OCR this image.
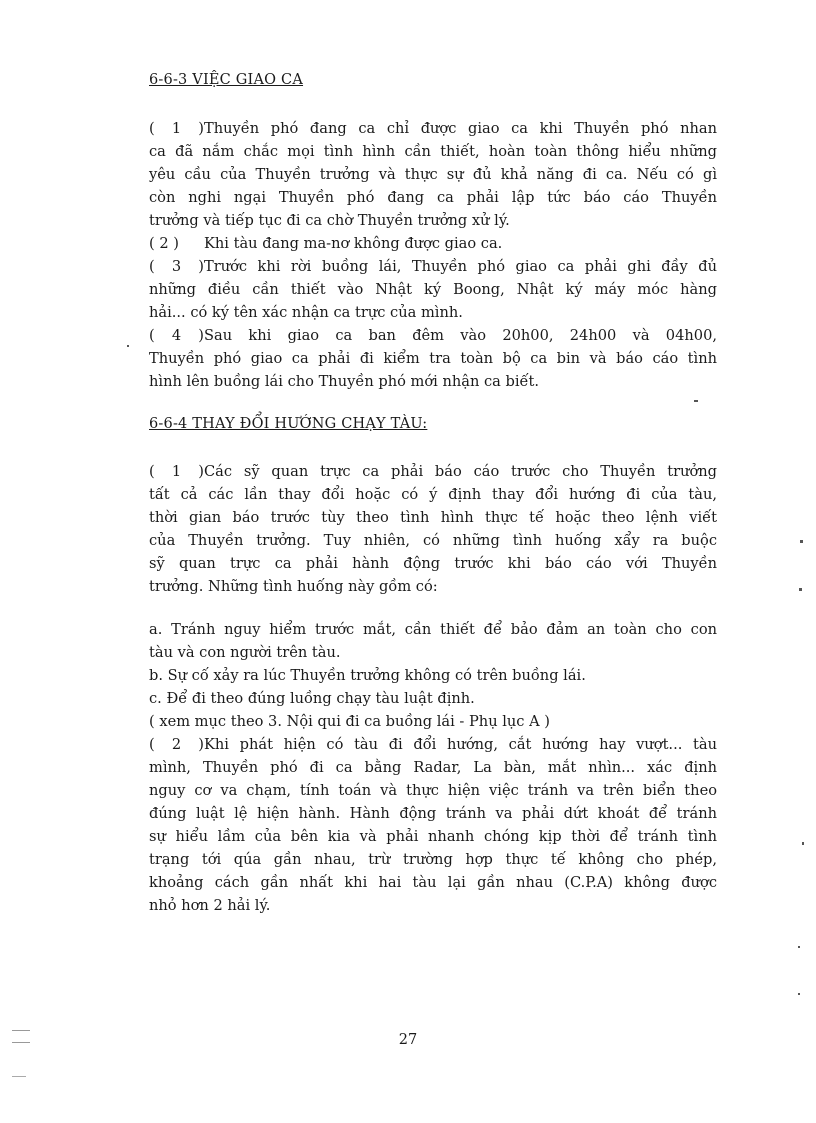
6-6-3 VIỆC GIAO CA
( 1 )Thuyền phó đang ca chỉ được giao ca khi Thuyền phó nhan
ca đã nắm chắc mọi tình hình cần thiết, hoàn toàn thông hiểu những
yêu cầu của Thuyền trưởng và thực sự đủ khả năng đi ca. Nếu có gì
còn nghi ngại Thuyền phó đang ca phải lập tức báo cáo Thuyền
trưởng và tiếp tục đi ca chờ Thuyền trưởng xử lý.
( 2 ) Khi tàu đang ma-nơ không được giao ca.
( 3 )Trước khi rời buồng lái, Thuyền phó giao ca phải ghi đầy đủ
những điều cần thiết vào Nhật ký Boong, Nhật ký máy móc hàng
hải... có ký tên xác nhận ca trực của mình.
( 4 )Sau khi giao ca ban đêm vào 20h00, 24h00 và 04h00,
Thuyền phó giao ca phải đi kiểm tra toàn bộ ca bin và báo cáo tình
hình lên buồng lái cho Thuyền phó mới nhận ca biết.
6-6-4 THAY ĐỔI HƯỚNG CHẠY TÀU:
( 1 )Các sỹ quan trực ca phải báo cáo trước cho Thuyền trưởng
tất cả các lần thay đổi hoặc có ý định thay đổi hướng đi của tàu,
thời gian báo trước tùy theo tình hình thực tế hoặc theo lệnh viết
của Thuyền trưởng. Tuy nhiên, có những tình huống xẩy ra buộc
sỹ quan trực ca phải hành động trước khi báo cáo với Thuyền
trưởng. Những tình huống này gồm có:
a. Tránh nguy hiểm trước mắt, cần thiết để bảo đảm an toàn cho con
tàu và con người trên tàu.
b. Sự cố xảy ra lúc Thuyền trưởng không có trên buồng lái.
c. Để đi theo đúng luồng chạy tàu luật định.
( xem mục theo 3. Nội qui đi ca buồng lái - Phụ lục A )
( 2 )Khi phát hiện có tàu đi đổi hướng, cắt hướng hay vượt... tàu
mình, Thuyền phó đi ca bằng Radar, La bàn, mắt nhìn... xác định
nguy cơ va chạm, tính toán và thực hiện việc tránh va trên biển theo
đúng luật lệ hiện hành. Hành động tránh va phải dứt khoát để tránh
sự hiểu lầm của bên kia và phải nhanh chóng kịp thời để tránh tình
trạng tới qúa gần nhau, trừ trường hợp thực tế không cho phép,
khoảng cách gần nhất khi hai tàu lại gần nhau (C.P.A) không được
nhỏ hơn 2 hải lý.
27
